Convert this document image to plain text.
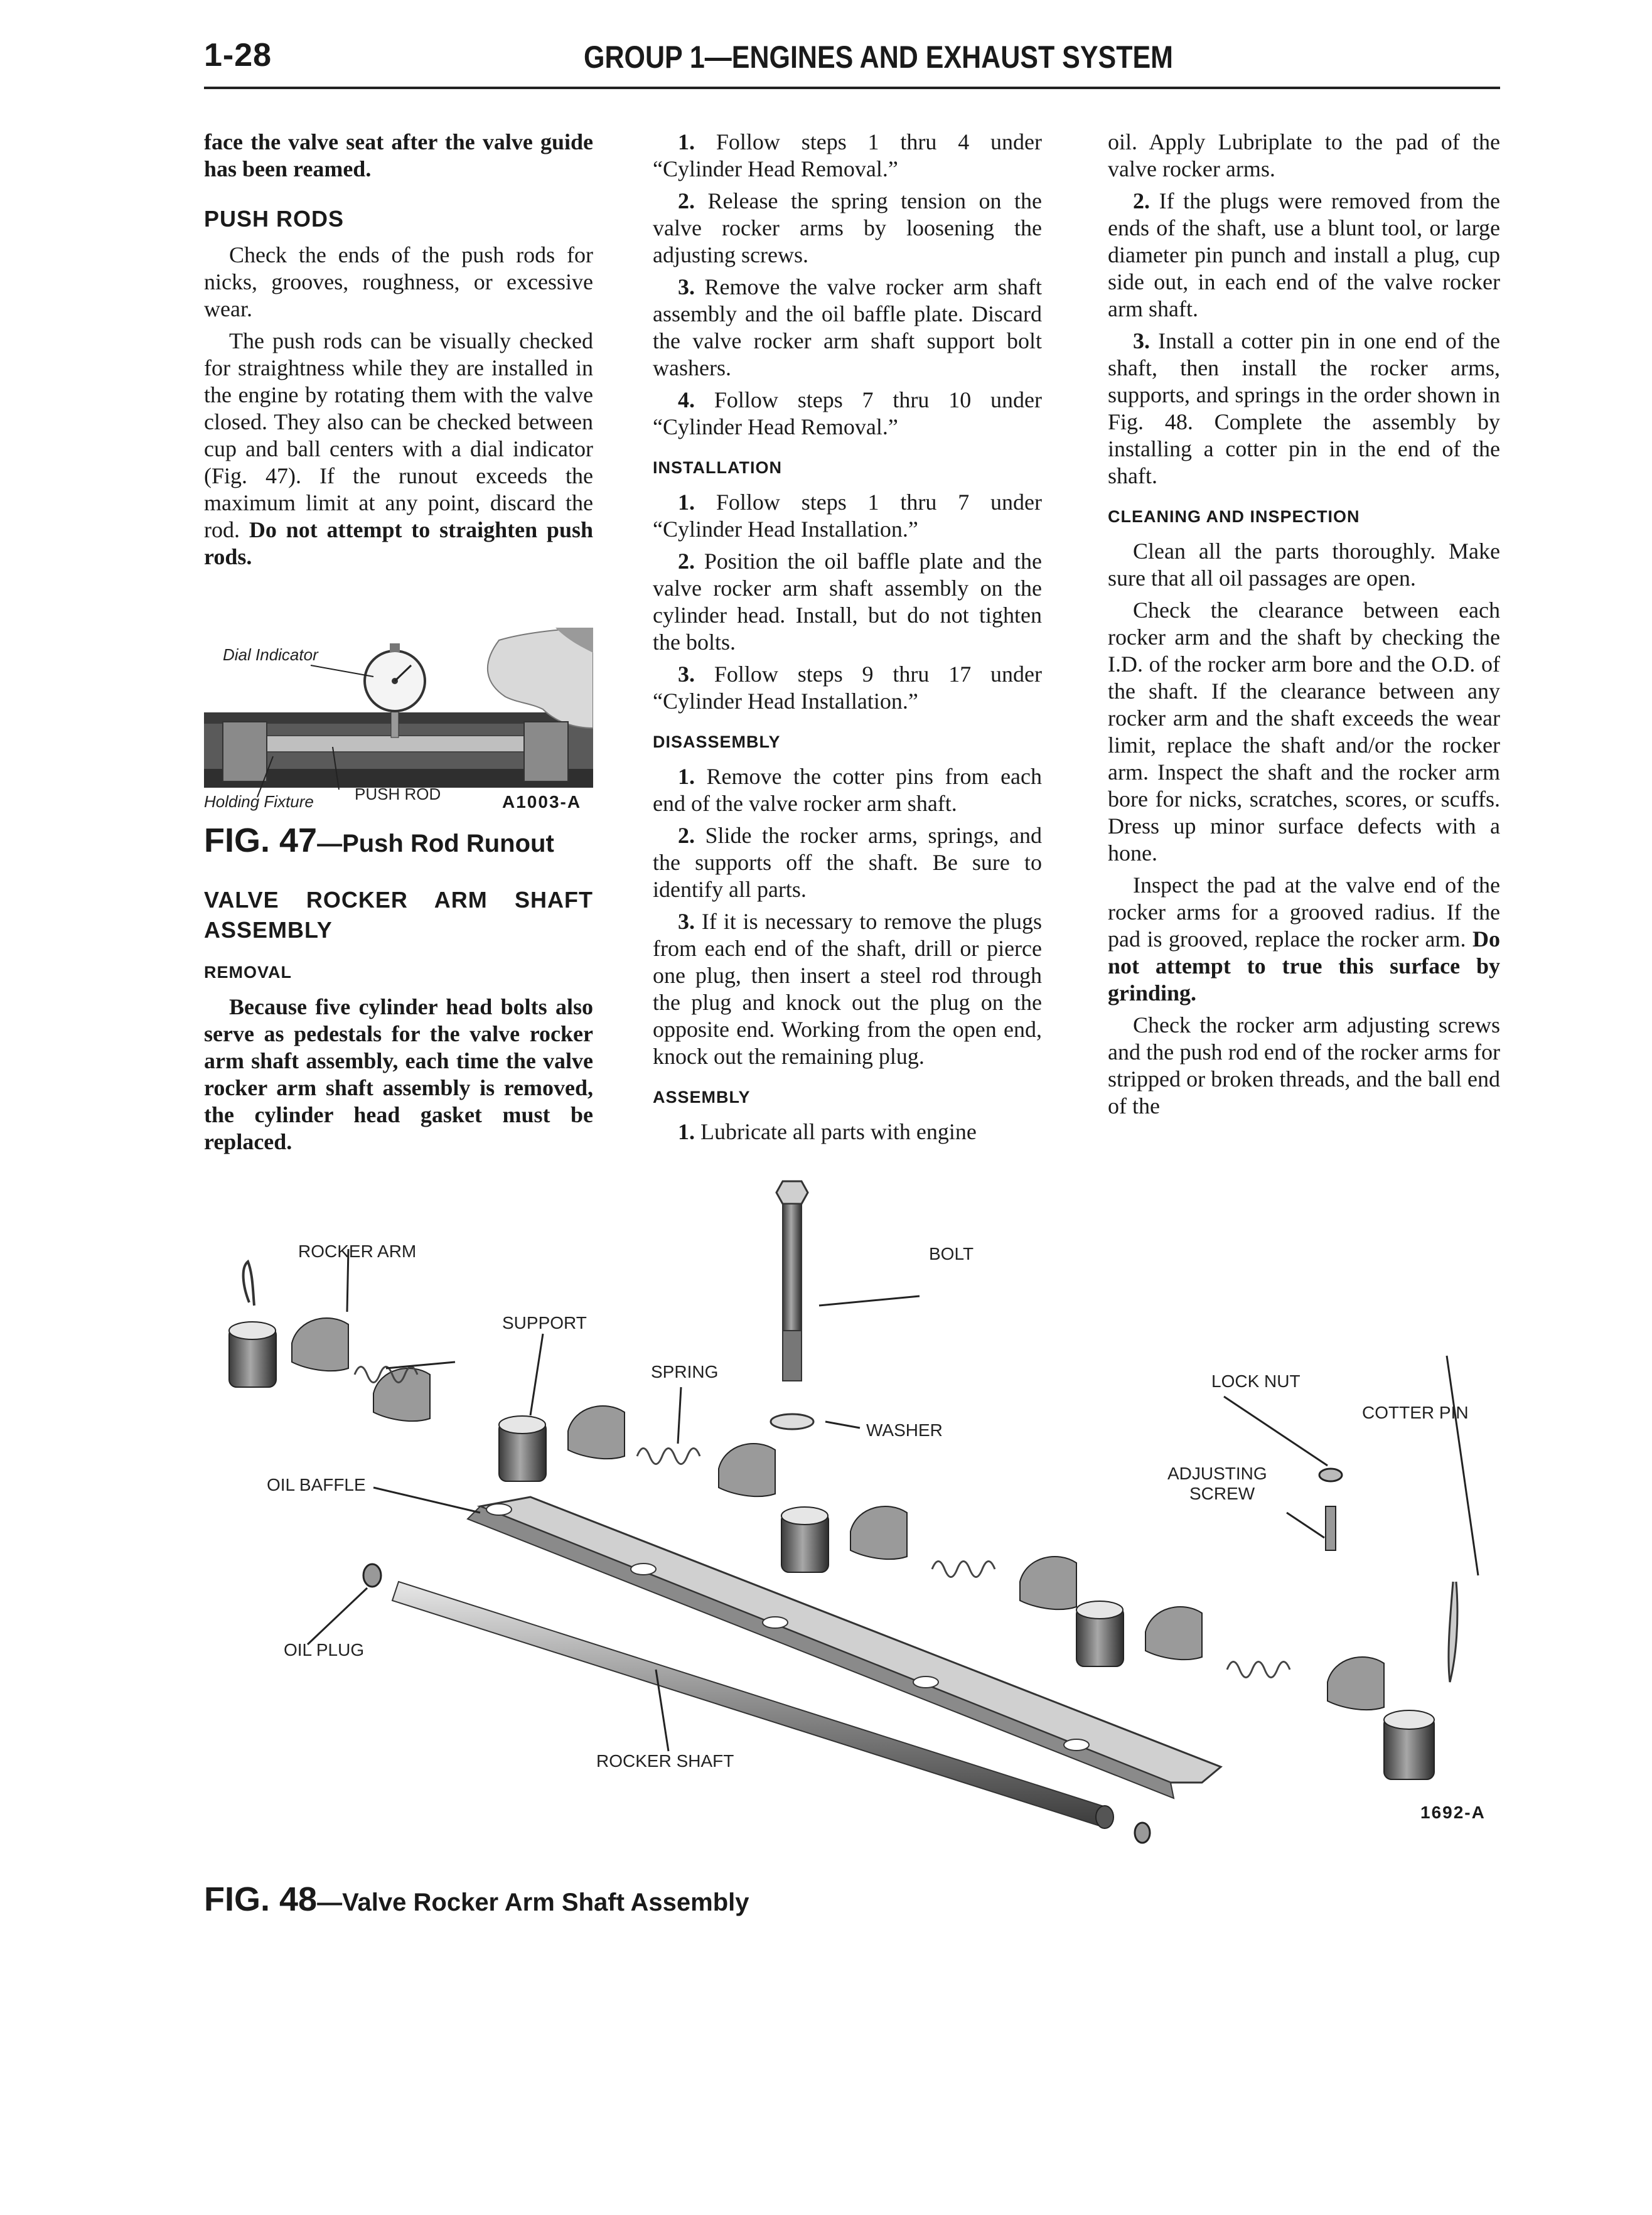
1-28	GROUP 1—ENGINES AND EXHAUST SYSTEM

face the valve seat after the valve guide has been reamed.

PUSH RODS

Check the ends of the push rods for nicks, grooves, roughness, or excessive wear.

The push rods can be visually checked for straightness while they are installed in the engine by rotating them with the valve closed. They also can be checked between cup and ball centers with a dial indicator (Fig. 47). If the runout exceeds the maximum limit at any point, discard the rod. Do not attempt to straighten push rods.

Dial Indicator
Holding Fixture	PUSH ROD	A1003-A
FIG. 47—Push Rod Runout
VALVE ROCKER ARM SHAFT ASSEMBLY
REMOVAL

Because five cylinder head bolts also serve as pedestals for the valve rocker arm shaft assembly, each time the valve rocker arm shaft assembly is removed, the cylinder head gasket must be replaced.

1. Follow steps 1 thru 4 under “Cylinder Head Removal.”

2. Release the spring tension on the valve rocker arms by loosening the adjusting screws.

3. Remove the valve rocker arm shaft assembly and the oil baffle plate. Discard the valve rocker arm shaft support bolt washers.

4. Follow steps 7 thru 10 under “Cylinder Head Removal.”

INSTALLATION

1. Follow steps 1 thru 7 under “Cylinder Head Installation.”

2. Position the oil baffle plate and the valve rocker arm shaft assembly on the cylinder head. Install, but do not tighten the bolts.

3. Follow steps 9 thru 17 under “Cylinder Head Installation.”

DISASSEMBLY

1. Remove the cotter pins from each end of the valve rocker arm shaft.

2. Slide the rocker arms, springs, and the supports off the shaft. Be sure to identify all parts.

3. If it is necessary to remove the plugs from each end of the shaft, drill or pierce one plug, then insert a steel rod through the plug and knock out the plug on the opposite end. Working from the open end, knock out the remaining plug.

ASSEMBLY

1. Lubricate all parts with engine

oil. Apply Lubriplate to the pad of the valve rocker arms.

2. If the plugs were removed from the ends of the shaft, use a blunt tool, or large diameter pin punch and install a plug, cup side out, in each end of the valve rocker arm shaft.

3. Install a cotter pin in one end of the shaft, then install the rocker arms, supports, and springs in the order shown in Fig. 48. Complete the assembly by installing a cotter pin in the end of the shaft.

CLEANING AND INSPECTION

Clean all the parts thoroughly. Make sure that all oil passages are open.

Check the clearance between each rocker arm and the shaft by checking the I.D. of the rocker arm bore and the O.D. of the shaft. If the clearance between any rocker arm and the shaft exceeds the wear limit, replace the shaft and/or the rocker arm. Inspect the shaft and the rocker arm bore for nicks, scratches, scores, or scuffs. Dress up minor surface defects with a hone.

Inspect the pad at the valve end of the rocker arms for a grooved radius. If the pad is grooved, replace the rocker arm. Do not attempt to true this surface by grinding.

Check the rocker arm adjusting screws and the push rod end of the rocker arms for stripped or broken threads, and the ball end of the

ROCKER ARM
SUPPORT
SPRING
BOLT
WASHER
LOCK NUT
COTTER PIN
ADJUSTING
SCREW
OIL BAFFLE
OIL PLUG
ROCKER SHAFT
1692-A
FIG. 48—Valve Rocker Arm Shaft Assembly
